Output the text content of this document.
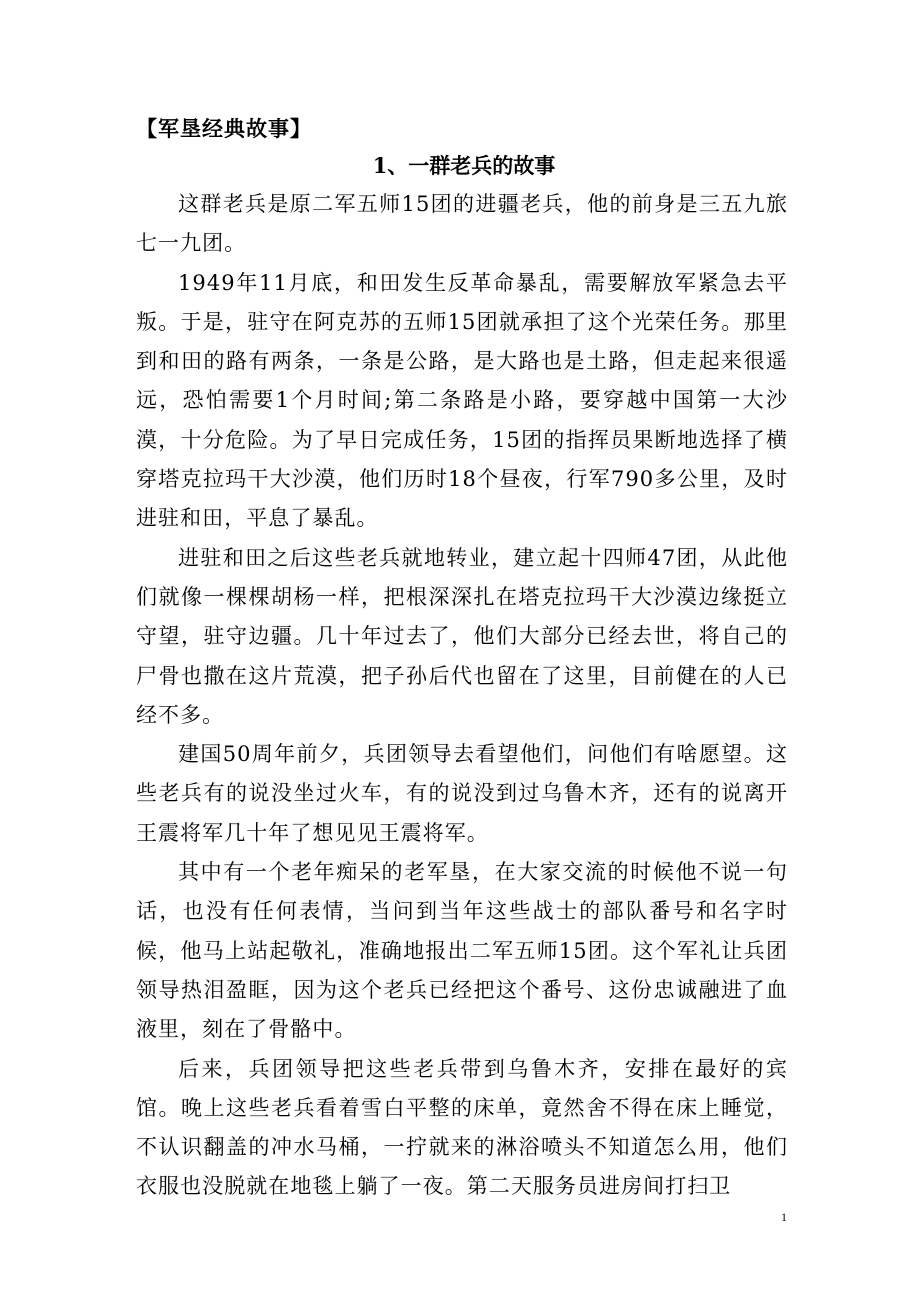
【军垦经典故事】
1、一群老兵的故事

这群老兵是原二军五师15团的进疆老兵，他的前身是三五九旅七一九团。

1949年11月底，和田发生反革命暴乱，需要解放军紧急去平叛。于是，驻守在阿克苏的五师15团就承担了这个光荣任务。那里到和田的路有两条，一条是公路，是大路也是土路，但走起来很遥远，恐怕需要1个月时间;第二条路是小路，要穿越中国第一大沙漠，十分危险。为了早日完成任务，15团的指挥员果断地选择了横穿塔克拉玛干大沙漠，他们历时18个昼夜，行军790多公里，及时进驻和田，平息了暴乱。

进驻和田之后这些老兵就地转业，建立起十四师47团，从此他们就像一棵棵胡杨一样，把根深深扎在塔克拉玛干大沙漠边缘挺立守望，驻守边疆。几十年过去了，他们大部分已经去世，将自己的尸骨也撒在这片荒漠，把子孙后代也留在了这里，目前健在的人已经不多。

建国50周年前夕，兵团领导去看望他们，问他们有啥愿望。这些老兵有的说没坐过火车，有的说没到过乌鲁木齐，还有的说离开王震将军几十年了想见见王震将军。

其中有一个老年痴呆的老军垦，在大家交流的时候他不说一句话，也没有任何表情，当问到当年这些战士的部队番号和名字时候，他马上站起敬礼，准确地报出二军五师15团。这个军礼让兵团领导热泪盈眶，因为这个老兵已经把这个番号、这份忠诚融进了血液里，刻在了骨骼中。

后来，兵团领导把这些老兵带到乌鲁木齐，安排在最好的宾馆。晚上这些老兵看着雪白平整的床单，竟然舍不得在床上睡觉，不认识翻盖的冲水马桶，一拧就来的淋浴喷头不知道怎么用，他们衣服也没脱就在地毯上躺了一夜。第二天服务员进房间打扫卫

1
